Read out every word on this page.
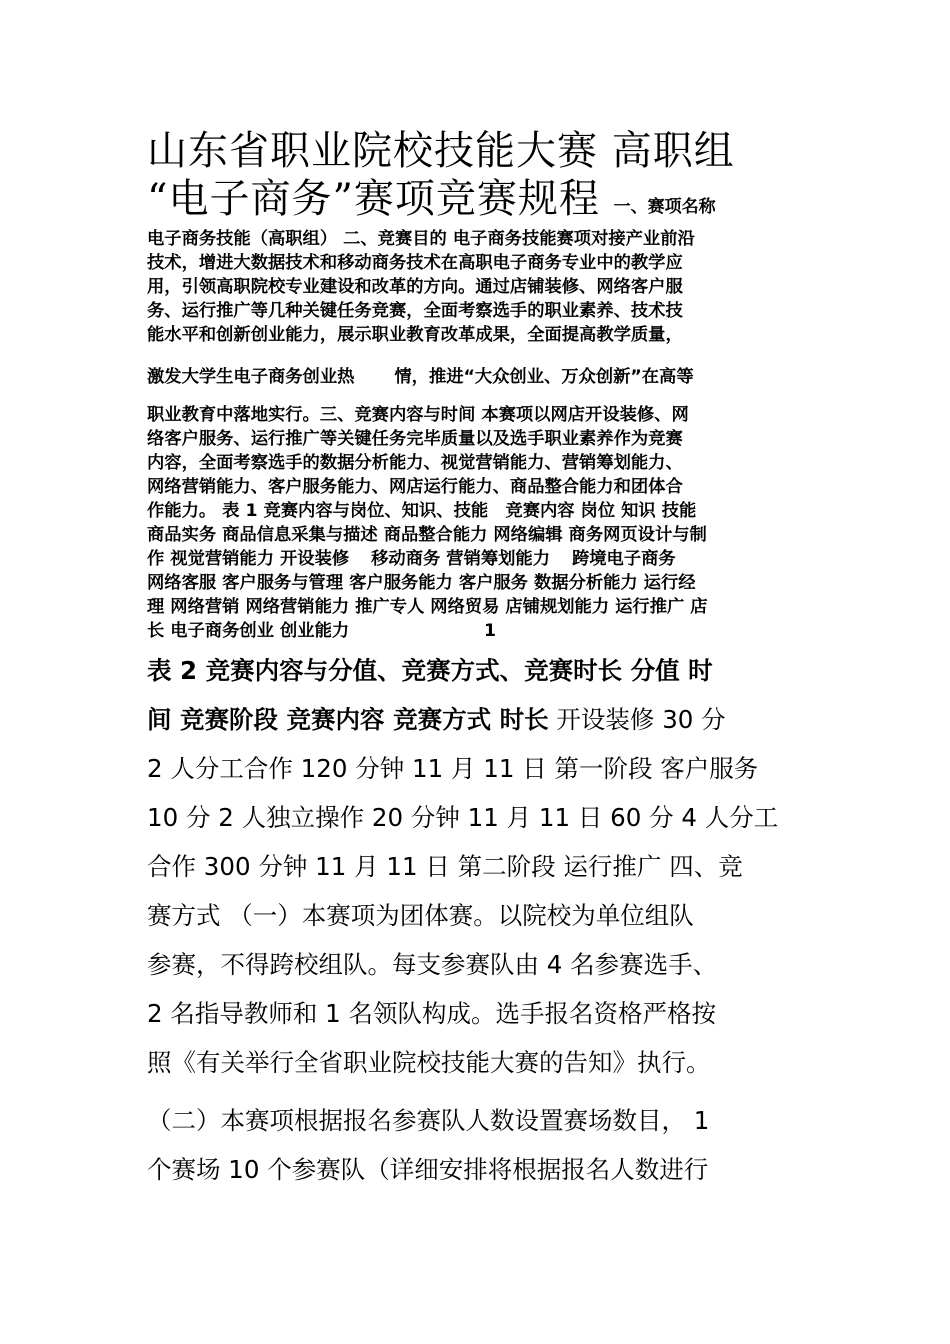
山东省职业院校技能大赛 高职组
“电子商务”赛项竞赛规程 一、赛项名称
电子商务技能（高职组） 二、竞赛目的 电子商务技能赛项对接产业前沿
技术，增进大数据技术和移动商务技术在高职电子商务专业中的教学应
用，引领高职院校专业建设和改革的方向。通过店铺装修、网络客户服
务、运行推广等几种关键任务竞赛，全面考察选手的职业素养、技术技
能水平和创新创业能力，展示职业教育改革成果，全面提高教学质量，
激发大学生电子商务创业热 情，推进“大众创业、万众创新”在高等
职业教育中落地实行。三、竞赛内容与时间 本赛项以网店开设装修、网
络客户服务、运行推广等关键任务完毕质量以及选手职业素养作为竞赛
内容，全面考察选手的数据分析能力、视觉营销能力、营销筹划能力、
网络营销能力、客户服务能力、网店运行能力、商品整合能力和团体合
作能力。 表 1 竞赛内容与岗位、知识、技能　竞赛内容 岗位 知识 技能
商品实务 商品信息采集与描述 商品整合能力 网络编辑 商务网页设计与制
作 视觉营销能力 开设装修 移动商务 营销筹划能力 跨境电子商务
网络客服 客户服务与管理 客户服务能力 客户服务 数据分析能力 运行经
理 网络营销 网络营销能力 推广专人 网络贸易 店铺规划能力 运行推广 店
长 电子商务创业 创业能力	1
表 2 竞赛内容与分值、竞赛方式、竞赛时长 分值 时
间 竞赛阶段 竞赛内容 竞赛方式 时长 开设装修 30 分
2 人分工合作 120 分钟 11 月 11 日 第一阶段 客户服务
10 分 2 人独立操作 20 分钟 11 月 11 日 60 分 4 人分工
合作 300 分钟 11 月 11 日 第二阶段 运行推广 四、竞
赛方式 （一）本赛项为团体赛。以院校为单位组队
参赛，不得跨校组队。每支参赛队由 4 名参赛选手、
2 名指导教师和 1 名领队构成。选手报名资格严格按
照《有关举行全省职业院校技能大赛的告知》执行。
（二）本赛项根据报名参赛队人数设置赛场数目， 1
个赛场 10 个参赛队（详细安排将根据报名人数进行
